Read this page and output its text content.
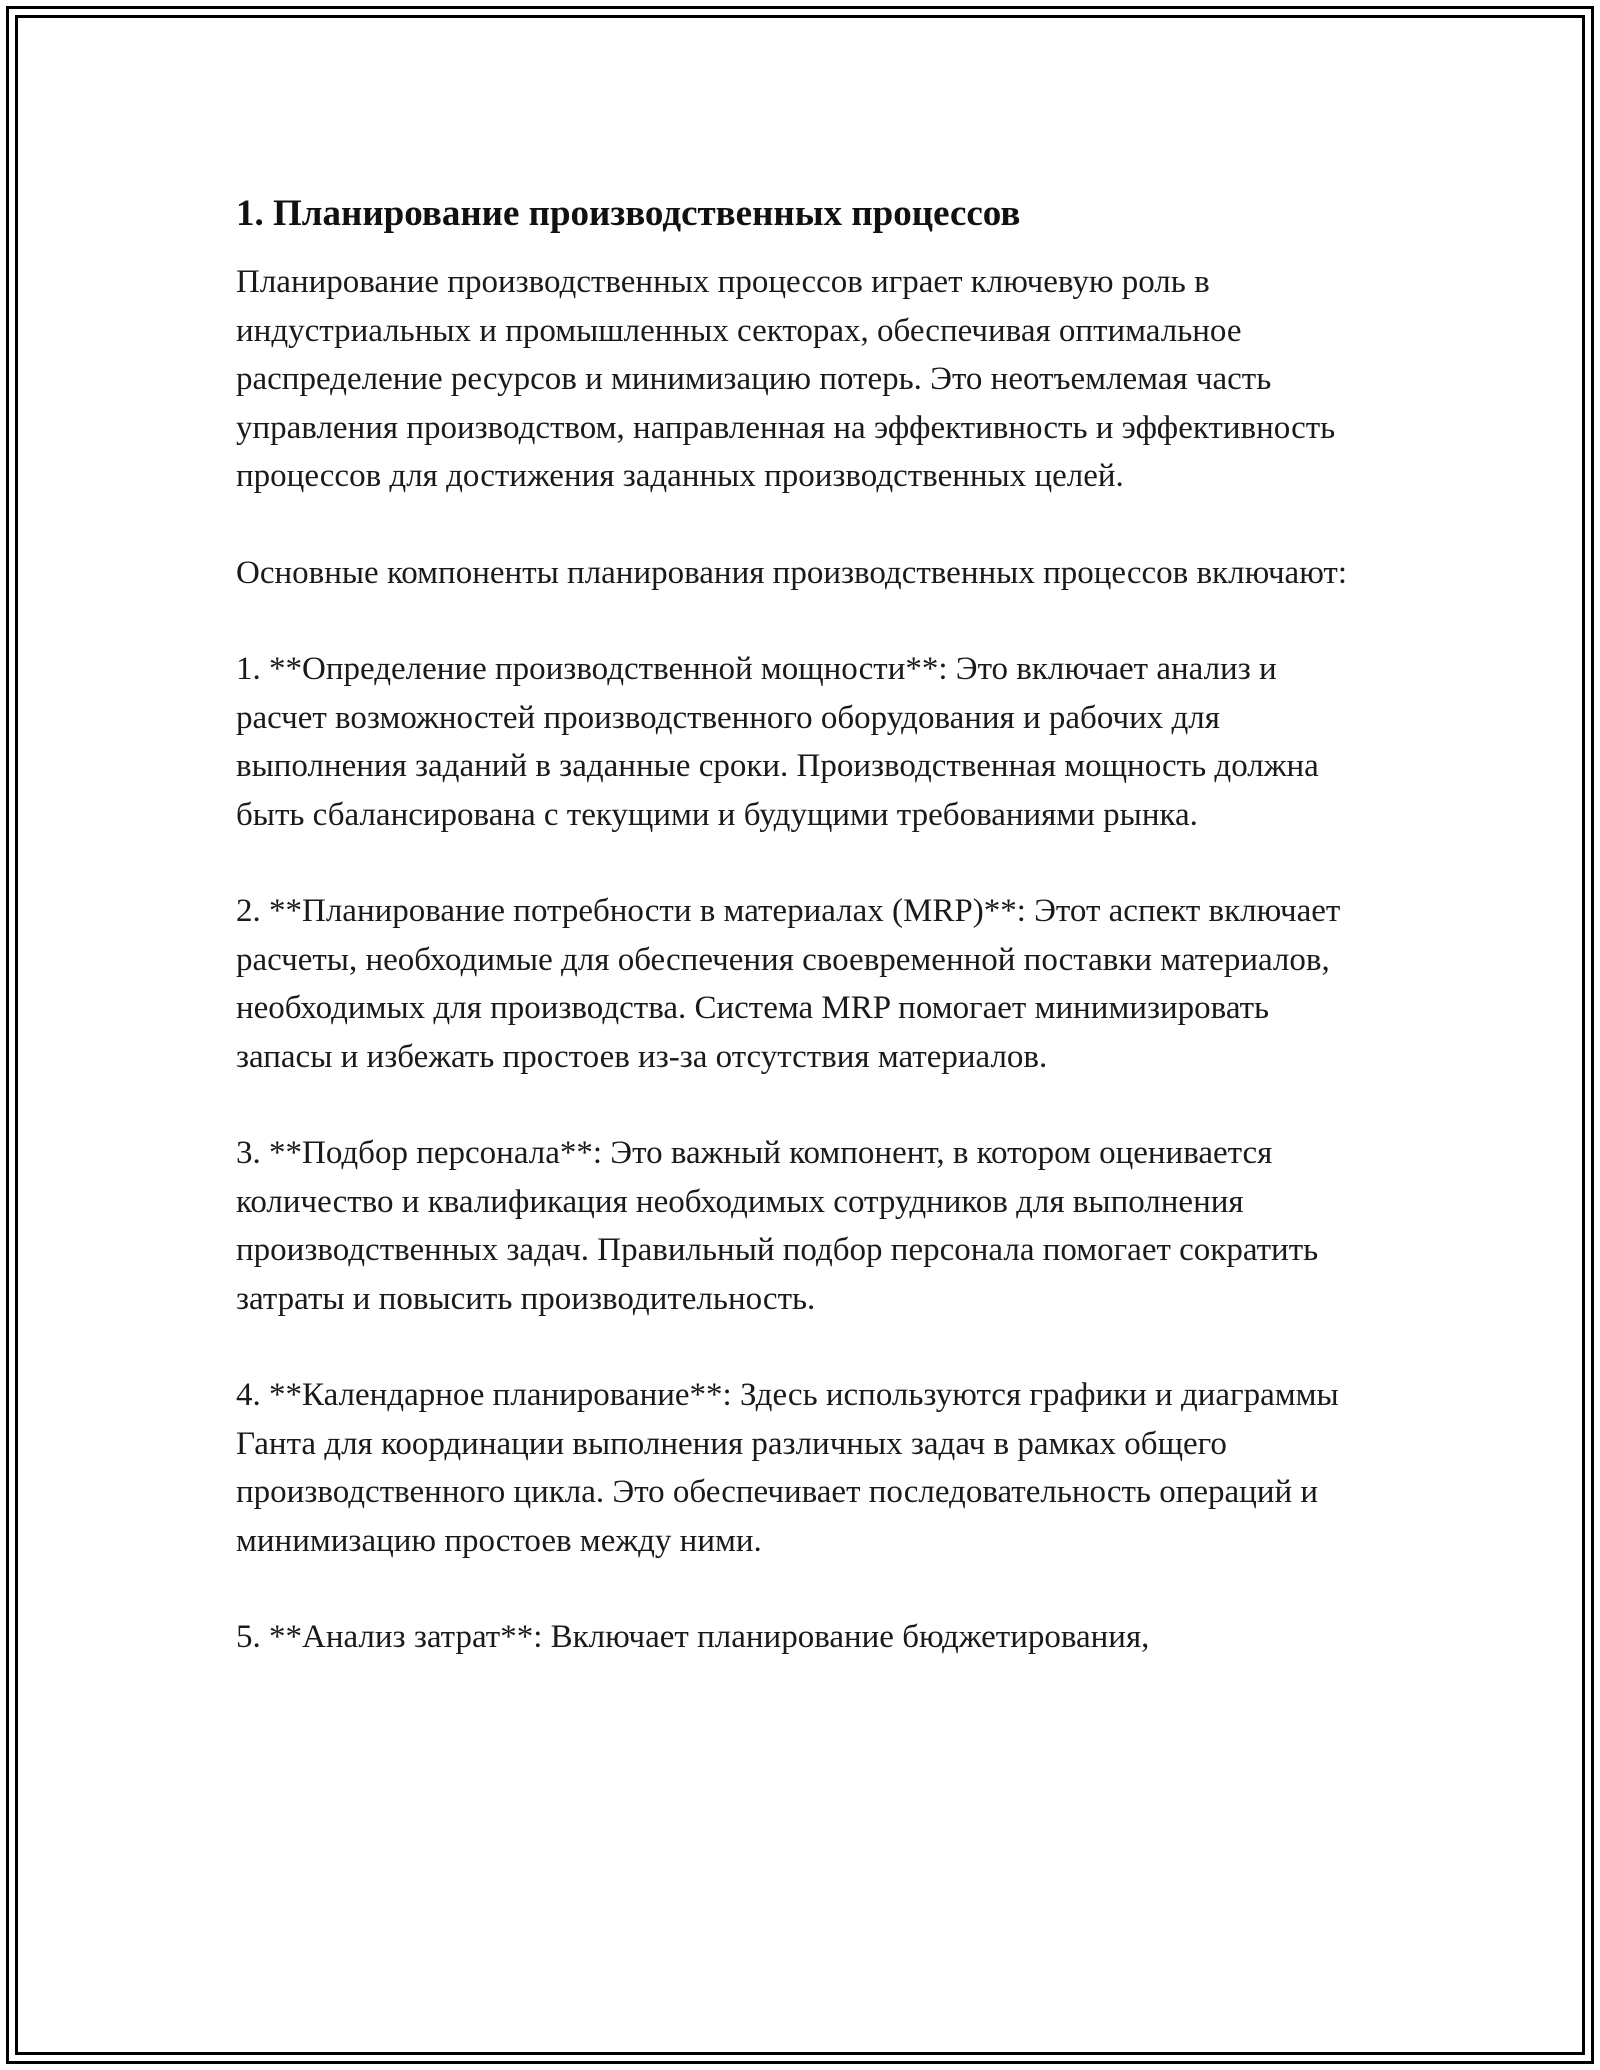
1. Планирование производственных процессов

Планирование производственных процессов играет ключевую роль в индустриальных и промышленных секторах, обеспечивая оптимальное распределение ресурсов и минимизацию потерь. Это неотъемлемая часть управления производством, направленная на эффективность и эффективность процессов для достижения заданных производственных целей.

Основные компоненты планирования производственных процессов включают:

1. **Определение производственной мощности**: Это включает анализ и расчет возможностей производственного оборудования и рабочих для выполнения заданий в заданные сроки. Производственная мощность должна быть сбалансирована с текущими и будущими требованиями рынка.

2. **Планирование потребности в материалах (MRP)**: Этот аспект включает расчеты, необходимые для обеспечения своевременной поставки материалов, необходимых для производства. Система MRP помогает минимизировать запасы и избежать простоев из-за отсутствия материалов.

3. **Подбор персонала**: Это важный компонент, в котором оценивается количество и квалификация необходимых сотрудников для выполнения производственных задач. Правильный подбор персонала помогает сократить затраты и повысить производительность.

4. **Календарное планирование**: Здесь используются графики и диаграммы Ганта для координации выполнения различных задач в рамках общего производственного цикла. Это обеспечивает последовательность операций и минимизацию простоев между ними.

5. **Анализ затрат**: Включает планирование бюджетирования,
